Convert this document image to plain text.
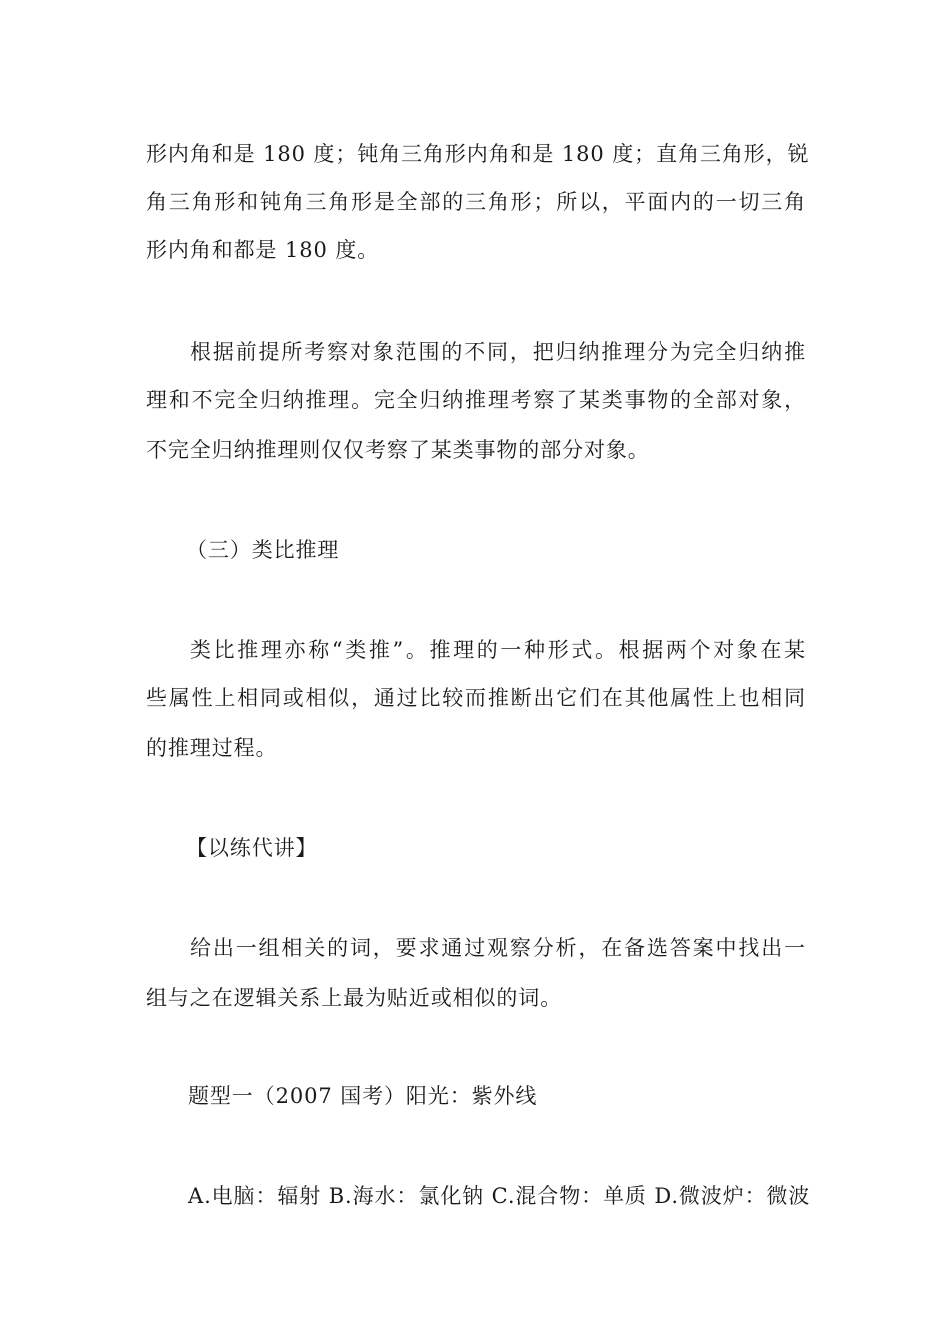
形内角和是 180 度；钝角三角形内角和是 180 度；直角三角形，锐
角三角形和钝角三角形是全部的三角形；所以，平面内的一切三角
形内角和都是 180 度。
根据前提所考察对象范围的不同，把归纳推理分为完全归纳推
理和不完全归纳推理。完全归纳推理考察了某类事物的全部对象，
不完全归纳推理则仅仅考察了某类事物的部分对象。
（三）类比推理
类比推理亦称“类推”。推理的一种形式。根据两个对象在某
些属性上相同或相似，通过比较而推断出它们在其他属性上也相同
的推理过程。
【以练代讲】
给出一组相关的词，要求通过观察分析，在备选答案中找出一
组与之在逻辑关系上最为贴近或相似的词。
题型一（2007 国考）阳光：紫外线
A.电脑：辐射 B.海水：氯化钠 C.混合物：单质 D.微波炉：微波
